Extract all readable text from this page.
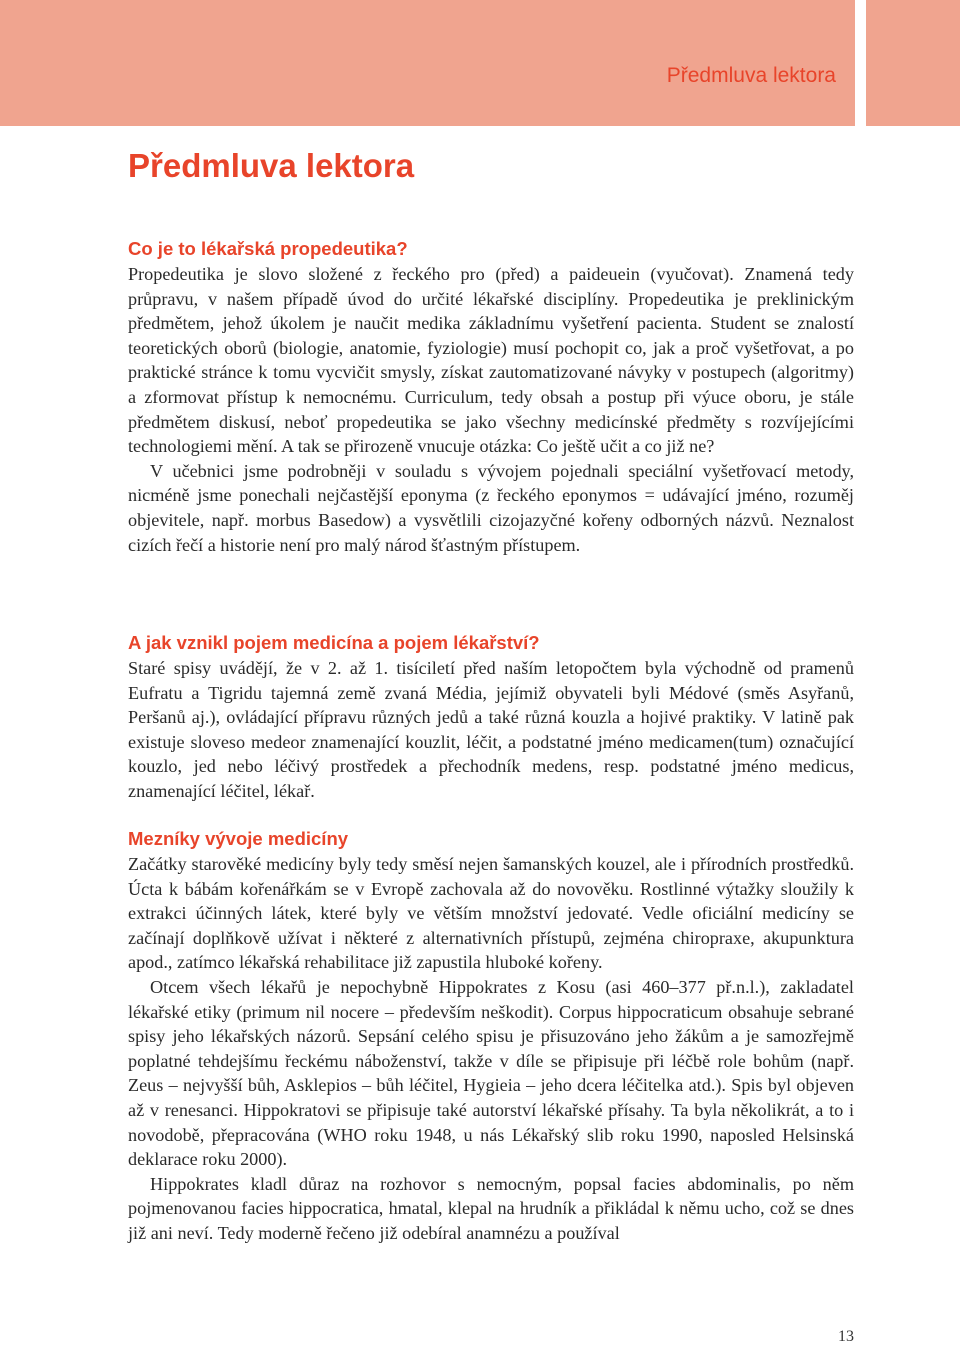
Předmluva lektora
Předmluva lektora
Co je to lékařská propedeutika?

Propedeutika je slovo složené z řeckého pro (před) a paideuein (vyučovat). Znamená tedy průpravu, v našem případě úvod do určité lékařské disciplíny. Propedeutika je preklinickým předmětem, jehož úkolem je naučit medika základnímu vyšetření pacienta. Student se znalostí teoretických oborů (biologie, anatomie, fyziologie) musí pochopit co, jak a proč vyšetřovat, a po praktické stránce k tomu vycvičit smysly, získat zautomatizované návyky v postupech (algoritmy) a zformovat přístup k nemocnému. Curriculum, tedy obsah a postup při výuce oboru, je stále předmětem diskusí, neboť propedeutika se jako všechny medicínské předměty s rozvíjejícími technologiemi mění. A tak se přirozeně vnucuje otázka: Co ještě učit a co již ne?

V učebnici jsme podrobněji v souladu s vývojem pojednali speciální vyšetřovací metody, nicméně jsme ponechali nejčastější eponyma (z řeckého eponymos = udávající jméno, rozuměj objevitele, např. morbus Basedow) a vysvětlili cizojazyčné kořeny odborných názvů. Neznalost cizích řečí a historie není pro malý národ šťastným přístupem.

A jak vznikl pojem medicína a pojem lékařství?

Staré spisy uvádějí, že v 2. až 1. tisíciletí před naším letopočtem byla východně od pramenů Eufratu a Tigridu tajemná země zvaná Média, jejímiž obyvateli byli Médové (směs Asyřanů, Peršanů aj.), ovládající přípravu různých jedů a také různá kouzla a hojivé praktiky. V latině pak existuje sloveso medeor znamenající kouzlit, léčit, a podstatné jméno medicamen(tum) označující kouzlo, jed nebo léčivý prostředek a přechodník medens, resp. podstatné jméno medicus, znamenající léčitel, lékař.

Mezníky vývoje medicíny

Začátky starověké medicíny byly tedy směsí nejen šamanských kouzel, ale i přírodních prostředků. Úcta k bábám kořenářkám se v Evropě zachovala až do novověku. Rostlinné výtažky sloužily k extrakci účinných látek, které byly ve větším množství jedovaté. Vedle oficiální medicíny se začínají doplňkově užívat i některé z alternativních přístupů, zejména chiropraxe, akupunktura apod., zatímco lékařská rehabilitace již zapustila hluboké kořeny.

Otcem všech lékařů je nepochybně Hippokrates z Kosu (asi 460–377 př.n.l.), zakladatel lékařské etiky (primum nil nocere – především neškodit). Corpus hippocraticum obsahuje sebrané spisy jeho lékařských názorů. Sepsání celého spisu je přisuzováno jeho žákům a je samozřejmě poplatné tehdejšímu řeckému náboženství, takže v díle se připisuje při léčbě role bohům (např. Zeus – nejvyšší bůh, Asklepios – bůh léčitel, Hygieia – jeho dcera léčitelka atd.). Spis byl objeven až v renesanci. Hippokratovi se připisuje také autorství lékařské přísahy. Ta byla několikrát, a to i novodobě, přepracována (WHO roku 1948, u nás Lékařský slib roku 1990, naposled Helsinská deklarace roku 2000).

Hippokrates kladl důraz na rozhovor s nemocným, popsal facies abdominalis, po něm pojmenovanou facies hippocratica, hmatal, klepal na hrudník a přikládal k němu ucho, což se dnes již ani neví. Tedy moderně řečeno již odebíral anamnézu a používal

13
